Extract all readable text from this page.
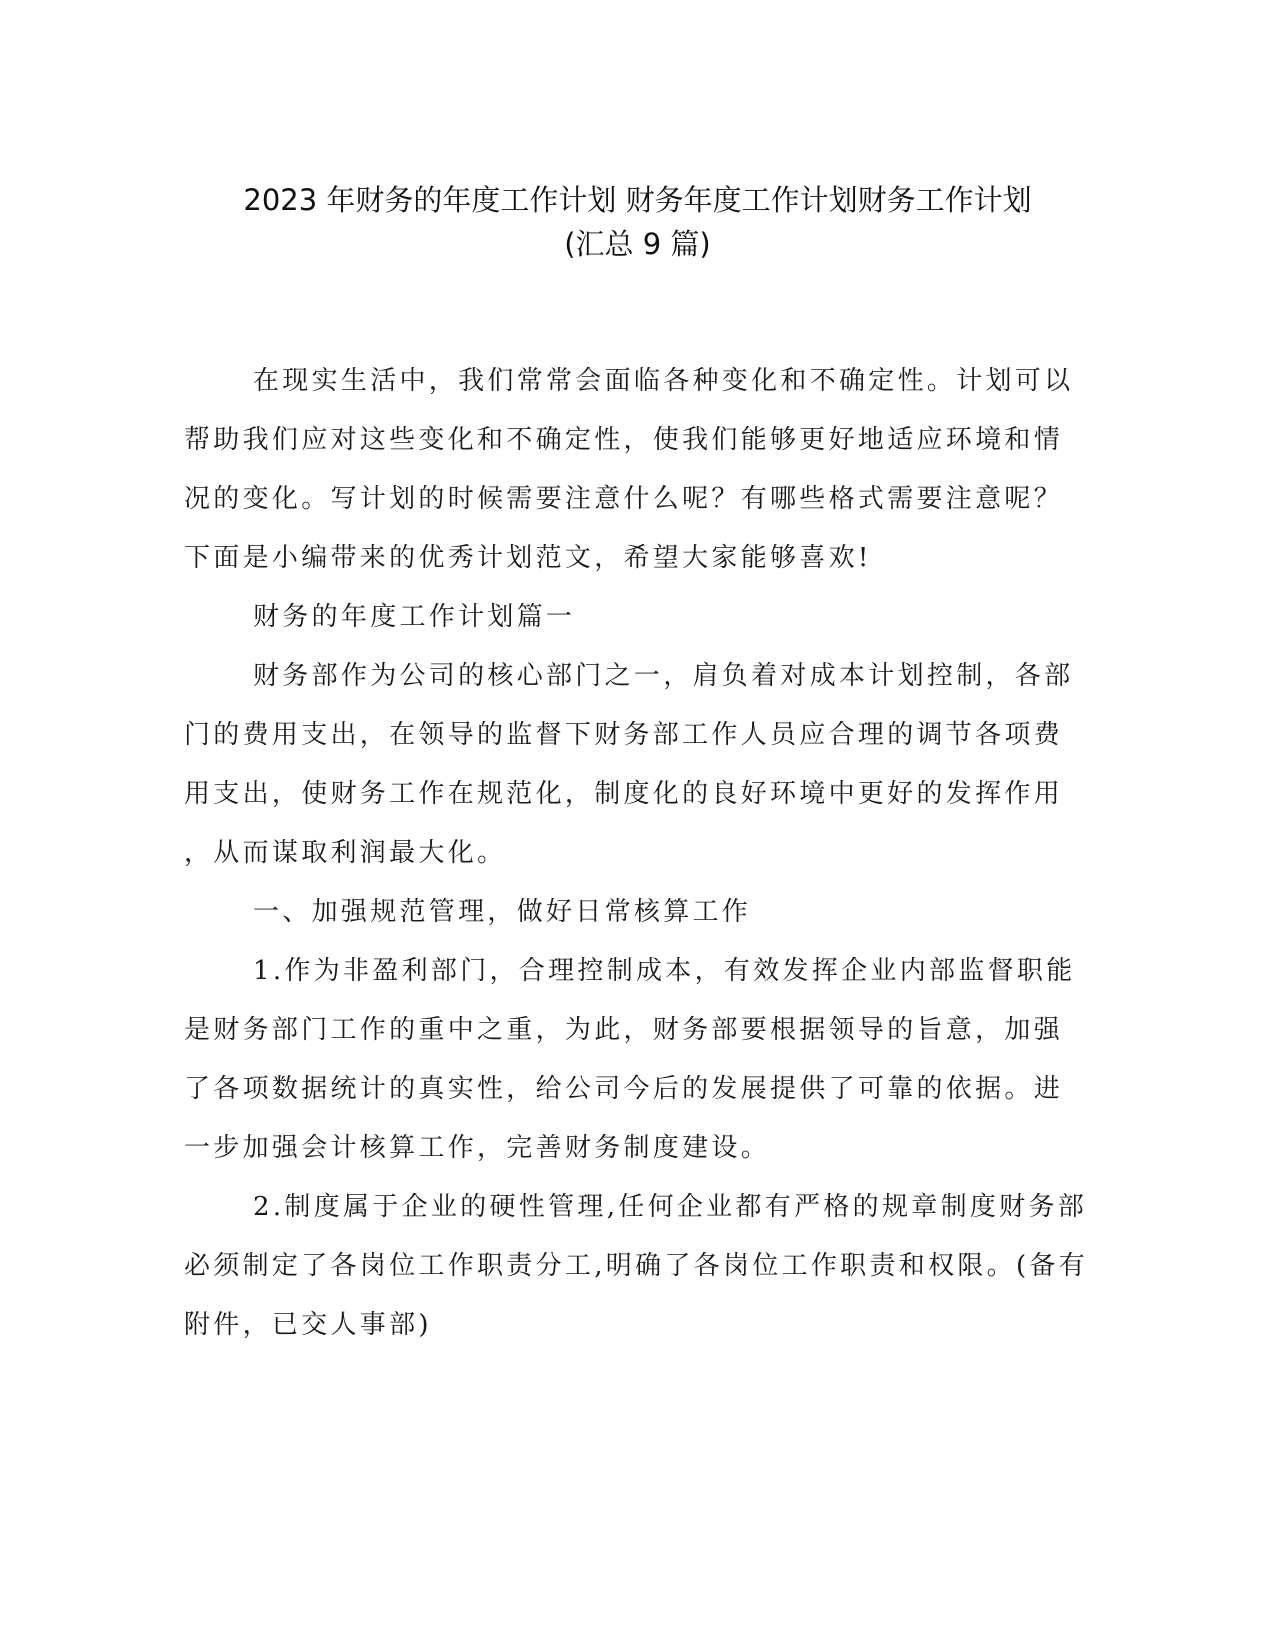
2023 年财务的年度工作计划 财务年度工作计划财务工作计划
(汇总 9 篇)
在现实生活中，我们常常会面临各种变化和不确定性。计划可以
帮助我们应对这些变化和不确定性，使我们能够更好地适应环境和情
况的变化。写计划的时候需要注意什么呢？有哪些格式需要注意呢？
下面是小编带来的优秀计划范文，希望大家能够喜欢!
财务的年度工作计划篇一
财务部作为公司的核心部门之一，肩负着对成本计划控制，各部
门的费用支出，在领导的监督下财务部工作人员应合理的调节各项费
用支出，使财务工作在规范化，制度化的良好环境中更好的发挥作用
，从而谋取利润最大化。
一、加强规范管理，做好日常核算工作
1.作为非盈利部门，合理控制成本，有效发挥企业内部监督职能
是财务部门工作的重中之重，为此，财务部要根据领导的旨意，加强
了各项数据统计的真实性，给公司今后的发展提供了可靠的依据。进
一步加强会计核算工作，完善财务制度建设。
2.制度属于企业的硬性管理,任何企业都有严格的规章制度财务部
必须制定了各岗位工作职责分工,明确了各岗位工作职责和权限。(备有
附件，已交人事部)
